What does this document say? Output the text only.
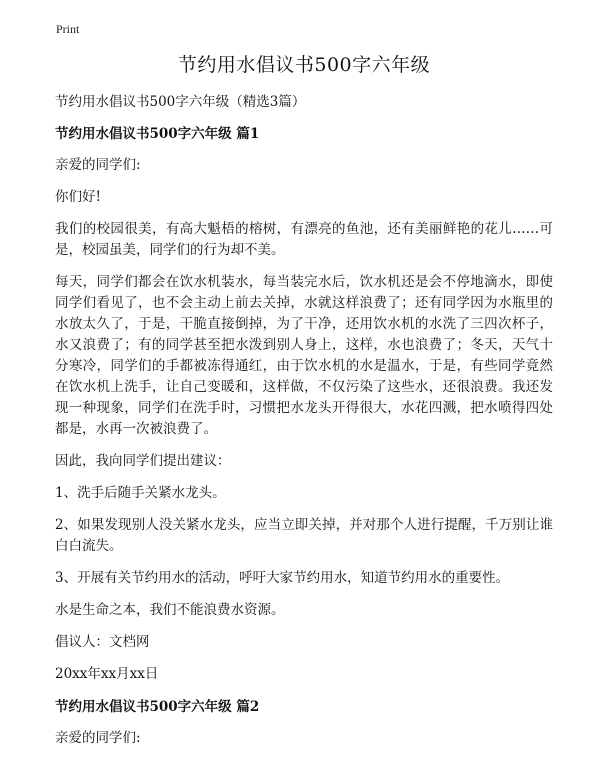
Print
节约用水倡议书500字六年级
节约用水倡议书500字六年级（精选3篇）
节约用水倡议书500字六年级 篇1
亲爱的同学们:
你们好!
我们的校园很美，有高大魁梧的榕树，有漂亮的鱼池，还有美丽鲜艳的花儿……可是，校园虽美，同学们的行为却不美。
每天，同学们都会在饮水机装水，每当装完水后，饮水机还是会不停地滴水，即使同学们看见了，也不会主动上前去关掉，水就这样浪费了；还有同学因为水瓶里的水放太久了，于是，干脆直接倒掉，为了干净，还用饮水机的水洗了三四次杯子，水又浪费了；有的同学甚至把水泼到别人身上，这样，水也浪费了；冬天，天气十分寒冷，同学们的手都被冻得通红，由于饮水机的水是温水，于是，有些同学竟然在饮水机上洗手，让自己变暖和，这样做，不仅污染了这些水，还很浪费。我还发现一种现象，同学们在洗手时，习惯把水龙头开得很大，水花四溅，把水喷得四处都是，水再一次被浪费了。
因此，我向同学们提出建议：
1、洗手后随手关紧水龙头。
2、如果发现别人没关紧水龙头，应当立即关掉，并对那个人进行提醒，千万别让谁白白流失。
3、开展有关节约用水的活动，呼吁大家节约用水，知道节约用水的重要性。
水是生命之本，我们不能浪费水资源。
倡议人：文档网
20xx年xx月xx日
节约用水倡议书500字六年级 篇2
亲爱的同学们:
